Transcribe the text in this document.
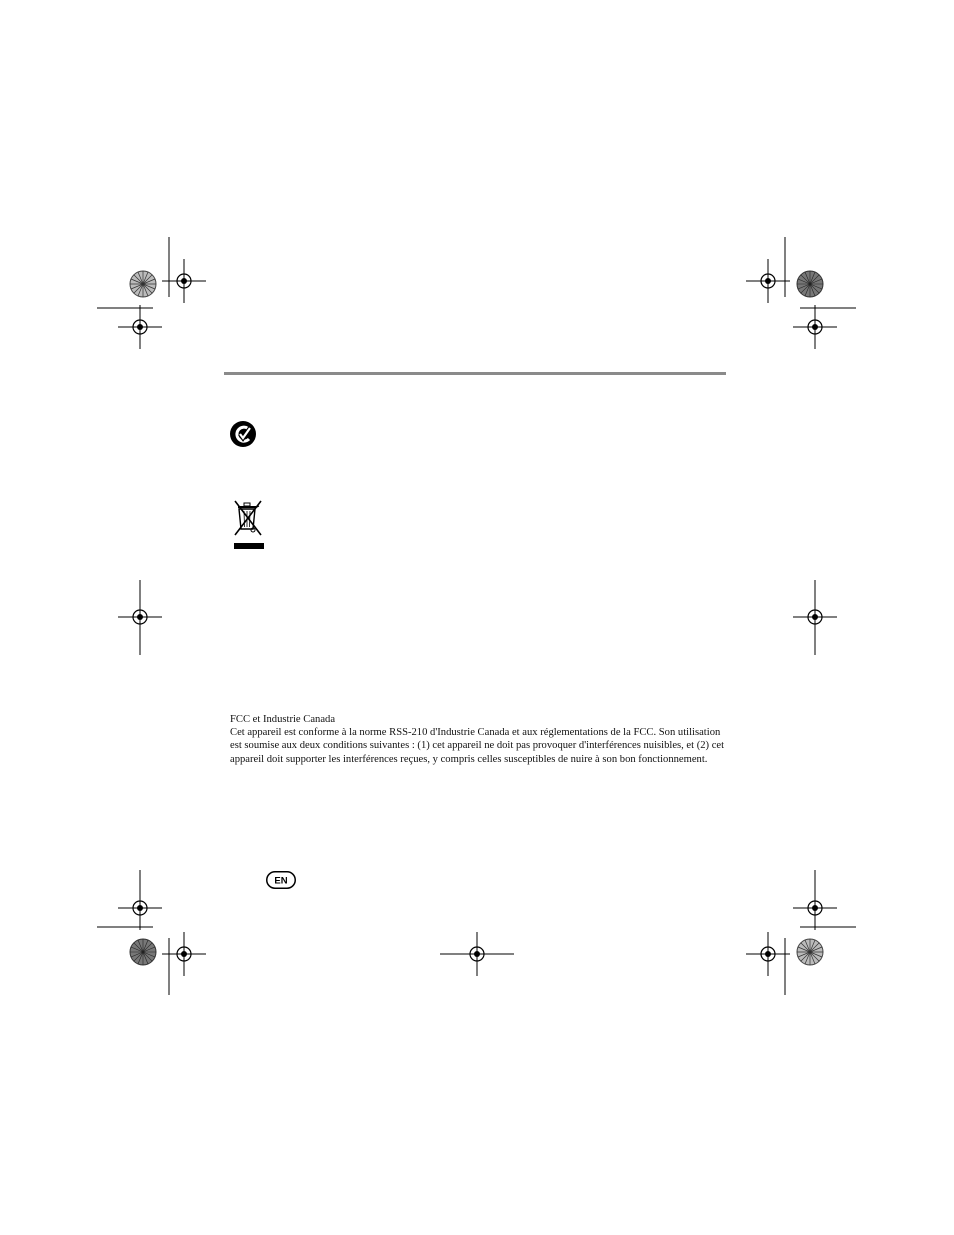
FCC et Industrie Canada
Cet appareil est conforme à la norme RSS-210 d'Industrie Canada et aux réglementations de la FCC. Son utilisation est soumise aux deux conditions suivantes : (1) cet appareil ne doit pas provoquer d'interférences nuisibles, et (2) cet appareil doit supporter les interférences reçues, y compris celles susceptibles de nuire à son bon fonctionnement.
EN
